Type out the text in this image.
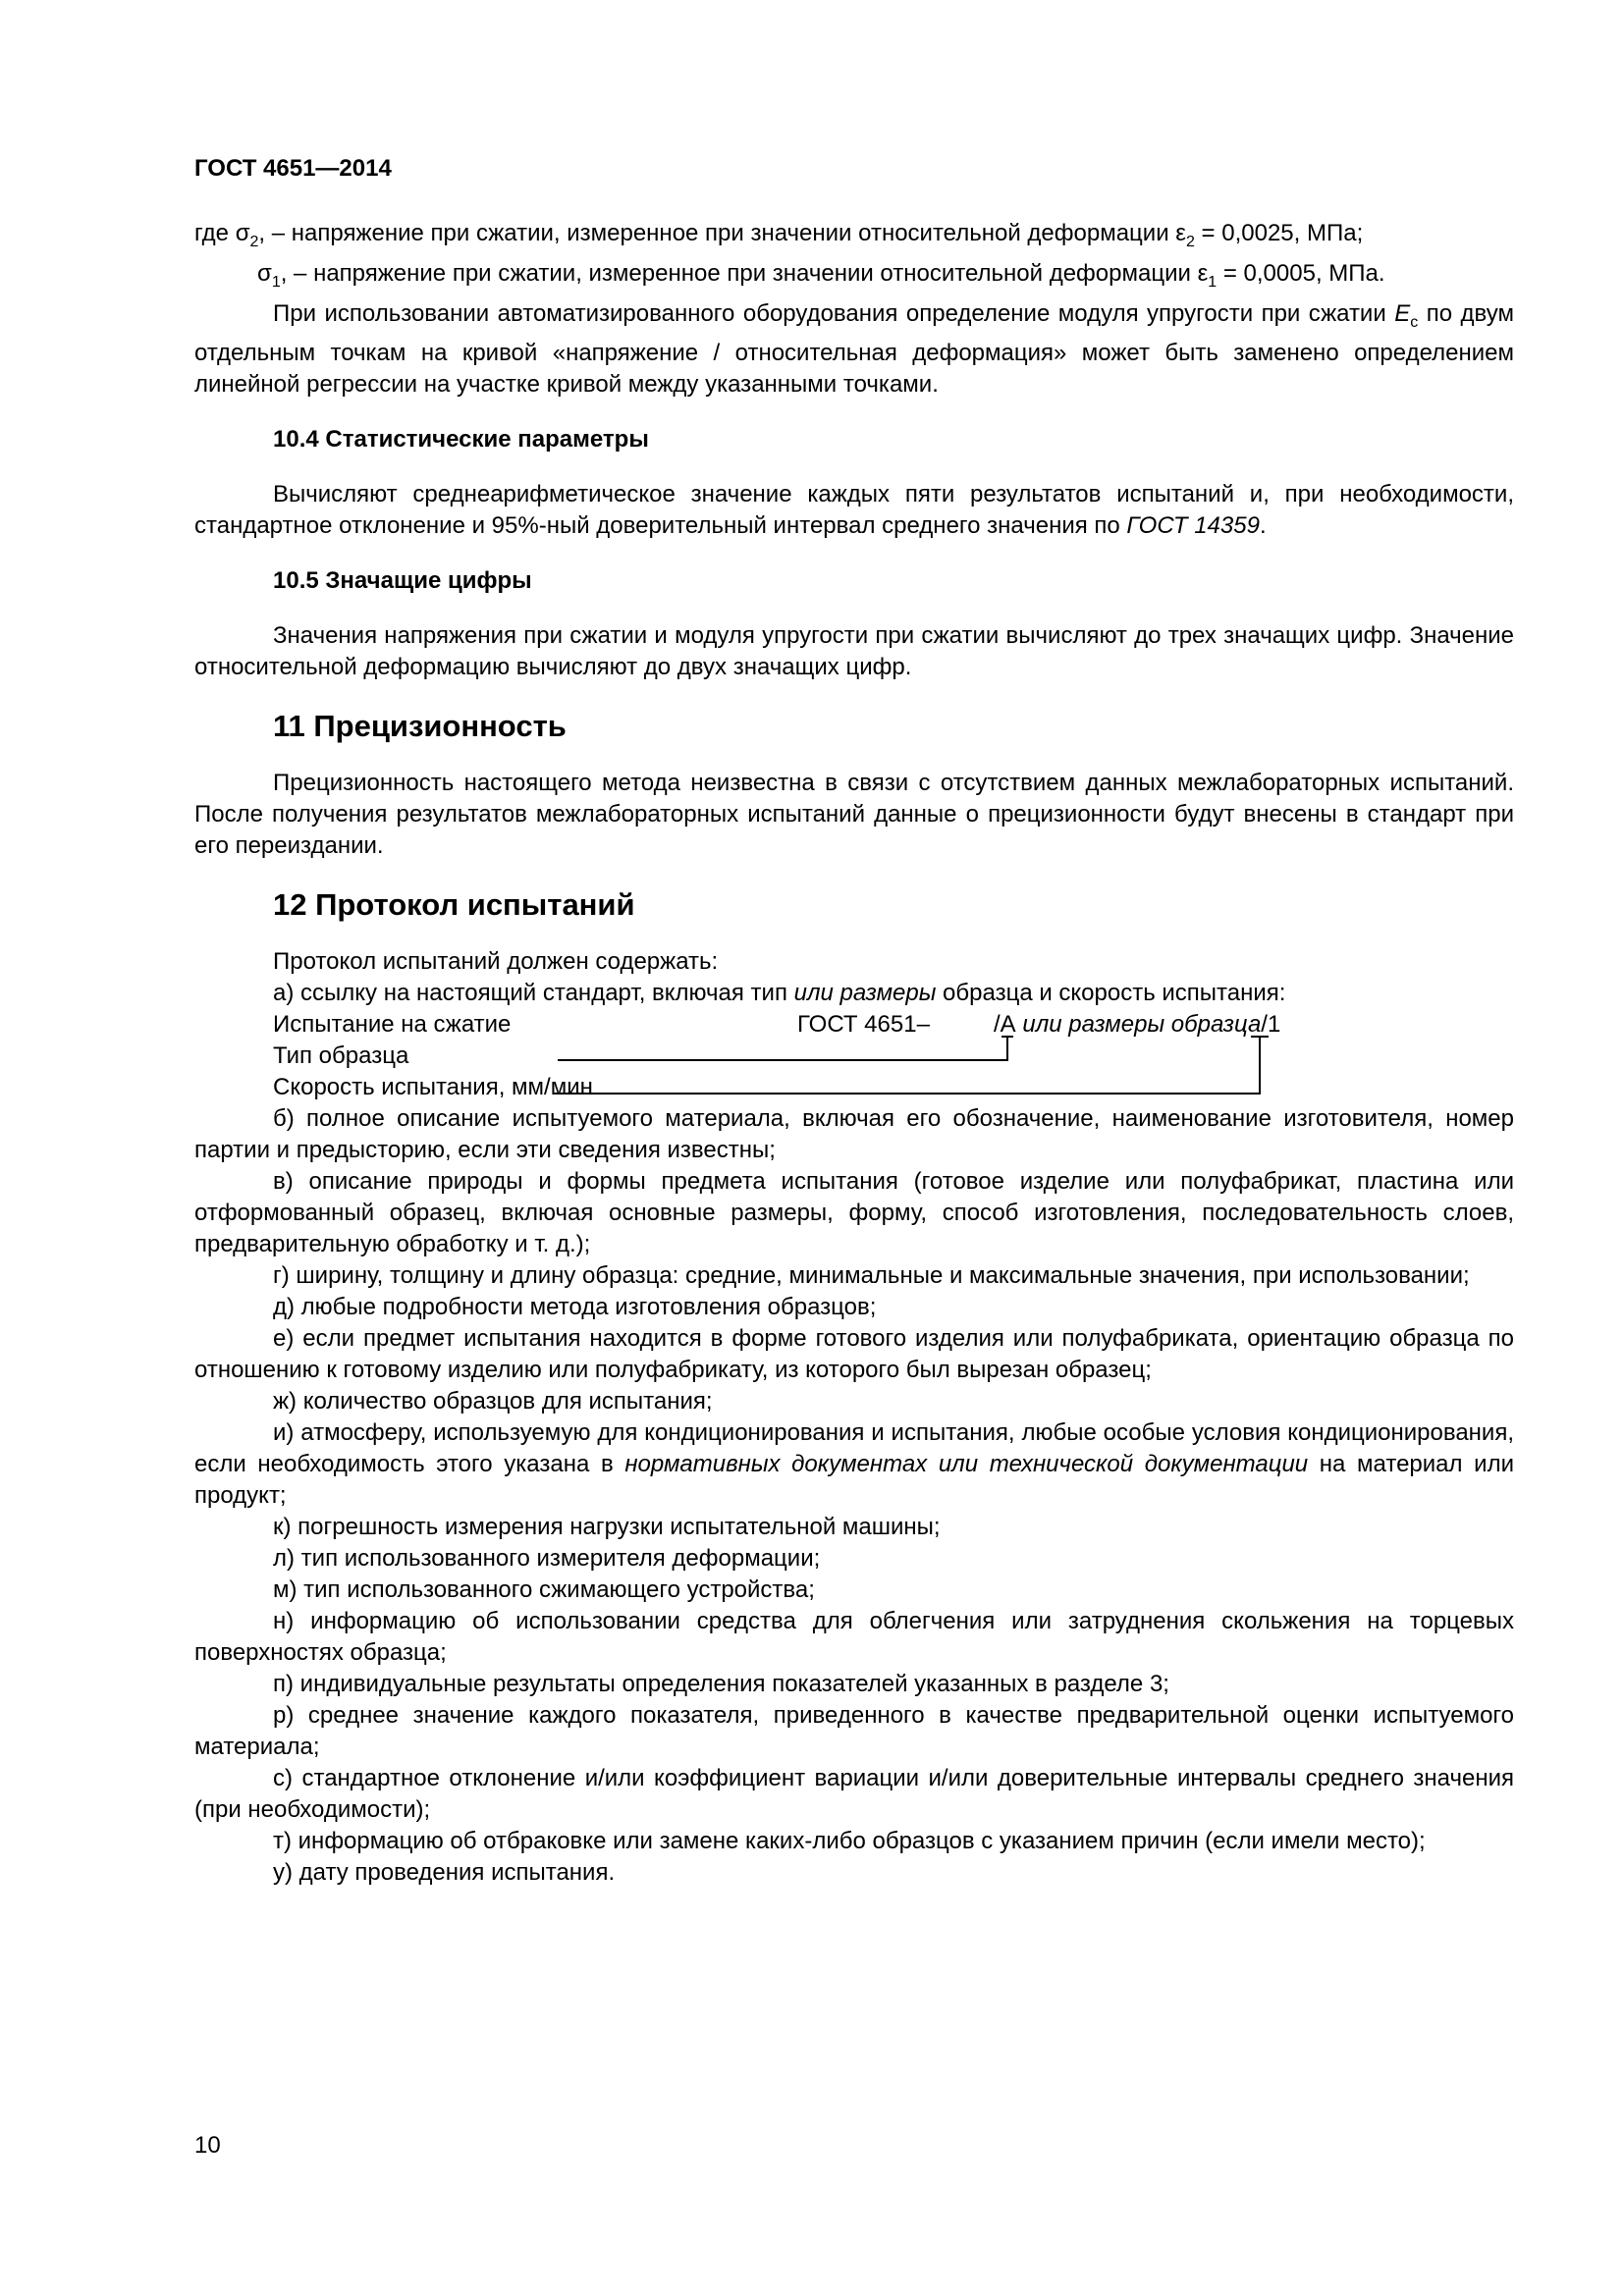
ГОСТ 4651—2014

где $\sigma_2$, – напряжение при сжатии, измеренное при значении относительной деформации $\varepsilon_2 = 0,0025$, МПа;

$\sigma_1$, – напряжение при сжатии, измеренное при значении относительной деформации $\varepsilon_1 = 0,0005$, МПа.

При использовании автоматизированного оборудования определение модуля упругости при сжатии $E_c$ по двум отдельным точкам на кривой «напряжение / относительная деформация» может быть заменено определением линейной регрессии на участке кривой между указанными точками.

10.4 Статистические параметры

Вычисляют среднеарифметическое значение каждых пяти результатов испытаний и, при необходимости, стандартное отклонение и 95%-ный доверительный интервал среднего значения по ГОСТ 14359.

10.5 Значащие цифры

Значения напряжения при сжатии и модуля упругости при сжатии вычисляют до трех значащих цифр. Значение относительной деформацию вычисляют до двух значащих цифр.

11 Прецизионность

Прецизионность настоящего метода неизвестна в связи с отсутствием данных межлабораторных испытаний. После получения результатов межлабораторных испытаний данные о прецизионности будут внесены в стандарт при его переиздании.

12 Протокол испытаний

Протокол испытаний должен содержать:

а) ссылку на настоящий стандарт, включая тип или размеры образца и скорость испытания:

Испытание на сжатие	ГОСТ 4651–	/А или размеры образца/1
Тип образца
Скорость испытания, мм/мин

б) полное описание испытуемого материала, включая его обозначение, наименование изготовителя, номер партии и предысторию, если эти сведения известны;

в) описание природы и формы предмета испытания (готовое изделие или полуфабрикат, пластина или отформованный образец, включая основные размеры, форму, способ изготовления, последовательность слоев, предварительную обработку и т. д.);

г) ширину, толщину и длину образца: средние, минимальные и максимальные значения, при использовании;

д) любые подробности метода изготовления образцов;

е) если предмет испытания находится в форме готового изделия или полуфабриката, ориентацию образца по отношению к готовому изделию или полуфабрикату, из которого был вырезан образец;

ж) количество образцов для испытания;

и) атмосферу, используемую для кондиционирования и испытания, любые особые условия кондиционирования, если необходимость этого указана в нормативных документах или технической документации на материал или продукт;

к) погрешность измерения нагрузки испытательной машины;

л) тип использованного измерителя деформации;

м) тип использованного сжимающего устройства;

н) информацию об использовании средства для облегчения или затруднения скольжения на торцевых поверхностях образца;

п) индивидуальные результаты определения показателей указанных в разделе 3;

р) среднее значение каждого показателя, приведенного в качестве предварительной оценки испытуемого материала;

с) стандартное отклонение и/или коэффициент вариации и/или доверительные интервалы среднего значения (при необходимости);

т) информацию об отбраковке или замене каких-либо образцов с указанием причин (если имели место);

у) дату проведения испытания.

10
